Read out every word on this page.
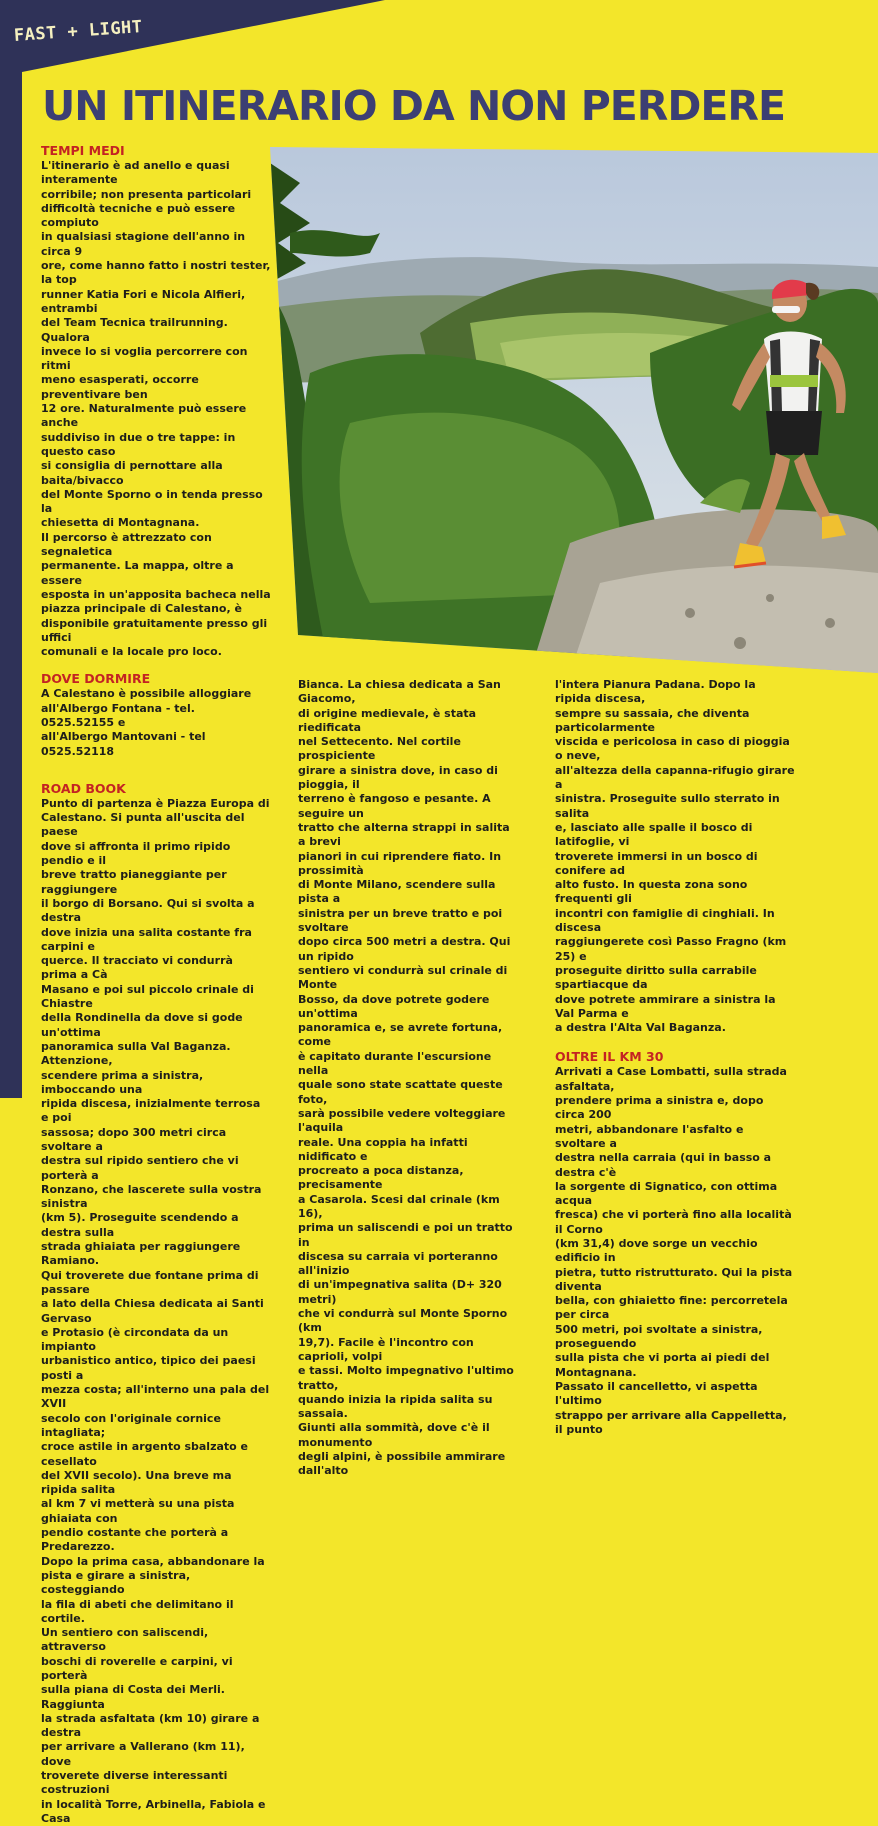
FAST + LIGHT
UN ITINERARIO DA NON PERDERE
TEMPI MEDI

L'itinerario è ad anello e quasi interamente

corribile; non presenta particolari

difficoltà tecniche e può essere compiuto

in qualsiasi stagione dell'anno in circa 9

ore, come hanno fatto i nostri tester, la top

runner Katia Fori e Nicola Alfieri, entrambi

del Team Tecnica trailrunning. Qualora

invece lo si voglia percorrere con ritmi

meno esasperati, occorre preventivare ben

12 ore. Naturalmente può essere anche

suddiviso in due o tre tappe: in questo caso

si consiglia di pernottare alla baita/bivacco

del Monte Sporno o in tenda presso la

chiesetta di Montagnana.

Il percorso è attrezzato con segnaletica

permanente. La mappa, oltre a essere

esposta in un'apposita bacheca nella

piazza principale di Calestano, è

disponibile gratuitamente presso gli uffici

comunali e la locale pro loco.

DOVE DORMIRE

A Calestano è possibile alloggiare

all'Albergo Fontana - tel. 0525.52155 e

all'Albergo Mantovani - tel 0525.52118

ROAD BOOK

Punto di partenza è Piazza Europa di

Calestano. Si punta all'uscita del paese

dove si affronta il primo ripido pendio e il

breve tratto pianeggiante per raggiungere

il borgo di Borsano. Qui si svolta a destra

dove inizia una salita costante fra carpini e

querce. Il tracciato vi condurrà prima a Cà

Masano e poi sul piccolo crinale di Chiastre

della Rondinella da dove si gode un'ottima

panoramica sulla Val Baganza. Attenzione,

scendere prima a sinistra, imboccando una

ripida discesa, inizialmente terrosa e poi

sassosa; dopo 300 metri circa svoltare a

destra sul ripido sentiero che vi porterà a

Ronzano, che lascerete sulla vostra sinistra

(km 5). Proseguite scendendo a destra sulla

strada ghiaiata per raggiungere Ramiano.

Qui troverete due fontane prima di passare

a lato della Chiesa dedicata ai Santi Gervaso

e Protasio (è circondata da un impianto

urbanistico antico, tipico dei paesi posti a

mezza costa; all'interno una pala del XVII

secolo con l'originale cornice intagliata;

croce astile in argento sbalzato e cesellato

del XVII secolo). Una breve ma ripida salita

al km 7 vi metterà su una pista ghiaiata con

pendio costante che porterà a Predarezzo.

Dopo la prima casa, abbandonare la

pista e girare a sinistra, costeggiando

la fila di abeti che delimitano il cortile.

Un sentiero con saliscendi, attraverso

boschi di roverelle e carpini, vi porterà

sulla piana di Costa dei Merli. Raggiunta

la strada asfaltata (km 10) girare a destra

per arrivare a Vallerano (km 11), dove

troverete diverse interessanti costruzioni

in località Torre, Arbinella, Fabiola e Casa

Bianca. La chiesa dedicata a San Giacomo,

di origine medievale, è stata riedificata

nel Settecento. Nel cortile prospiciente

girare a sinistra dove, in caso di pioggia, il

terreno è fangoso e pesante. A seguire un

tratto che alterna strappi in salita a brevi

pianori in cui riprendere fiato. In prossimità

di Monte Milano, scendere sulla pista a

sinistra per un breve tratto e poi svoltare

dopo circa 500 metri a destra. Qui un ripido

sentiero vi condurrà sul crinale di Monte

Bosso, da dove potrete godere un'ottima

panoramica e, se avrete fortuna, come

è capitato durante l'escursione nella

quale sono state scattate queste foto,

sarà possibile vedere volteggiare l'aquila

reale. Una coppia ha infatti nidificato e

procreato a poca distanza, precisamente

a Casarola. Scesi dal crinale (km 16),

prima un saliscendi e poi un tratto in

discesa su carraia vi porteranno all'inizio

di un'impegnativa salita (D+ 320 metri)

che vi condurrà sul Monte Sporno (km

19,7). Facile è l'incontro con caprioli, volpi

e tassi. Molto impegnativo l'ultimo tratto,

quando inizia la ripida salita su sassaia.

Giunti alla sommità, dove c'è il monumento

degli alpini, è possibile ammirare dall'alto

l'intera Pianura Padana. Dopo la ripida discesa,

sempre su sassaia, che diventa particolarmente

viscida e pericolosa in caso di pioggia o neve,

all'altezza della capanna-rifugio girare a

sinistra. Proseguite sullo sterrato in salita

e, lasciato alle spalle il bosco di latifoglie, vi

troverete immersi in un bosco di conifere ad

alto fusto. In questa zona sono frequenti gli

incontri con famiglie di cinghiali. In discesa

raggiungerete così Passo Fragno (km 25) e

proseguite diritto sulla carrabile spartiacque da

dove potrete ammirare a sinistra la Val Parma e

a destra l'Alta Val Baganza.

OLTRE IL KM 30

Arrivati a Case Lombatti, sulla strada asfaltata,

prendere prima a sinistra e, dopo circa 200

metri, abbandonare l'asfalto e svoltare a

destra nella carraia (qui in basso a destra c'è

la sorgente di Signatico, con ottima acqua

fresca) che vi porterà fino alla località il Corno

(km 31,4) dove sorge un vecchio edificio in

pietra, tutto ristrutturato. Qui la pista diventa

bella, con ghiaietto fine: percorretela per circa

500 metri, poi svoltate a sinistra, proseguendo

sulla pista che vi porta ai piedi del Montagnana.

Passato il cancelletto, vi aspetta l'ultimo

strappo per arrivare alla Cappelletta, il punto
